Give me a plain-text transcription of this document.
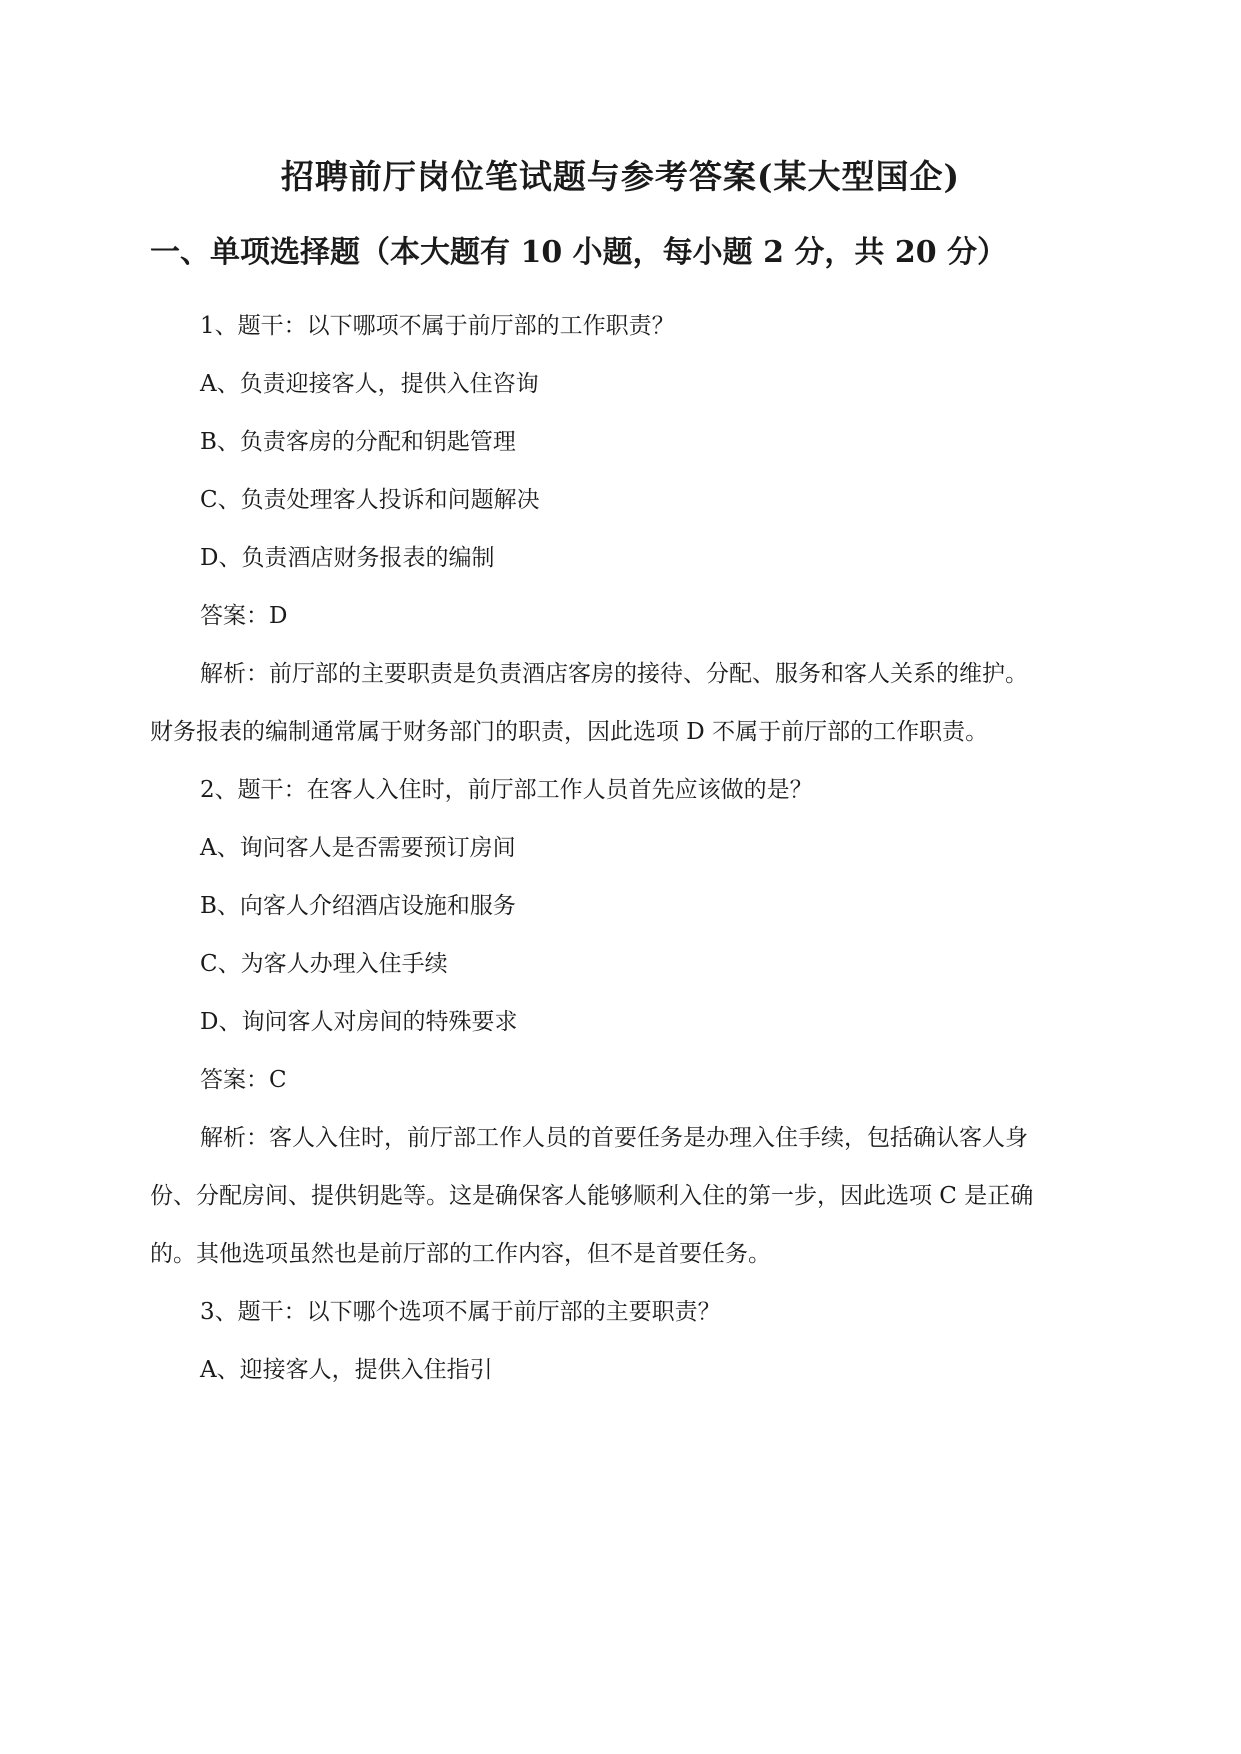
招聘前厅岗位笔试题与参考答案(某大型国企)
一、单项选择题（本大题有 10 小题，每小题 2 分，共 20 分）
1、题干：以下哪项不属于前厅部的工作职责？
A、负责迎接客人，提供入住咨询
B、负责客房的分配和钥匙管理
C、负责处理客人投诉和问题解决
D、负责酒店财务报表的编制
答案：D
解析：前厅部的主要职责是负责酒店客房的接待、分配、服务和客人关系的维护。
财务报表的编制通常属于财务部门的职责，因此选项 D 不属于前厅部的工作职责。
2、题干：在客人入住时，前厅部工作人员首先应该做的是？
A、询问客人是否需要预订房间
B、向客人介绍酒店设施和服务
C、为客人办理入住手续
D、询问客人对房间的特殊要求
答案：C
解析：客人入住时，前厅部工作人员的首要任务是办理入住手续，包括确认客人身
份、分配房间、提供钥匙等。这是确保客人能够顺利入住的第一步，因此选项 C 是正确
的。其他选项虽然也是前厅部的工作内容，但不是首要任务。
3、题干：以下哪个选项不属于前厅部的主要职责？
A、迎接客人，提供入住指引
